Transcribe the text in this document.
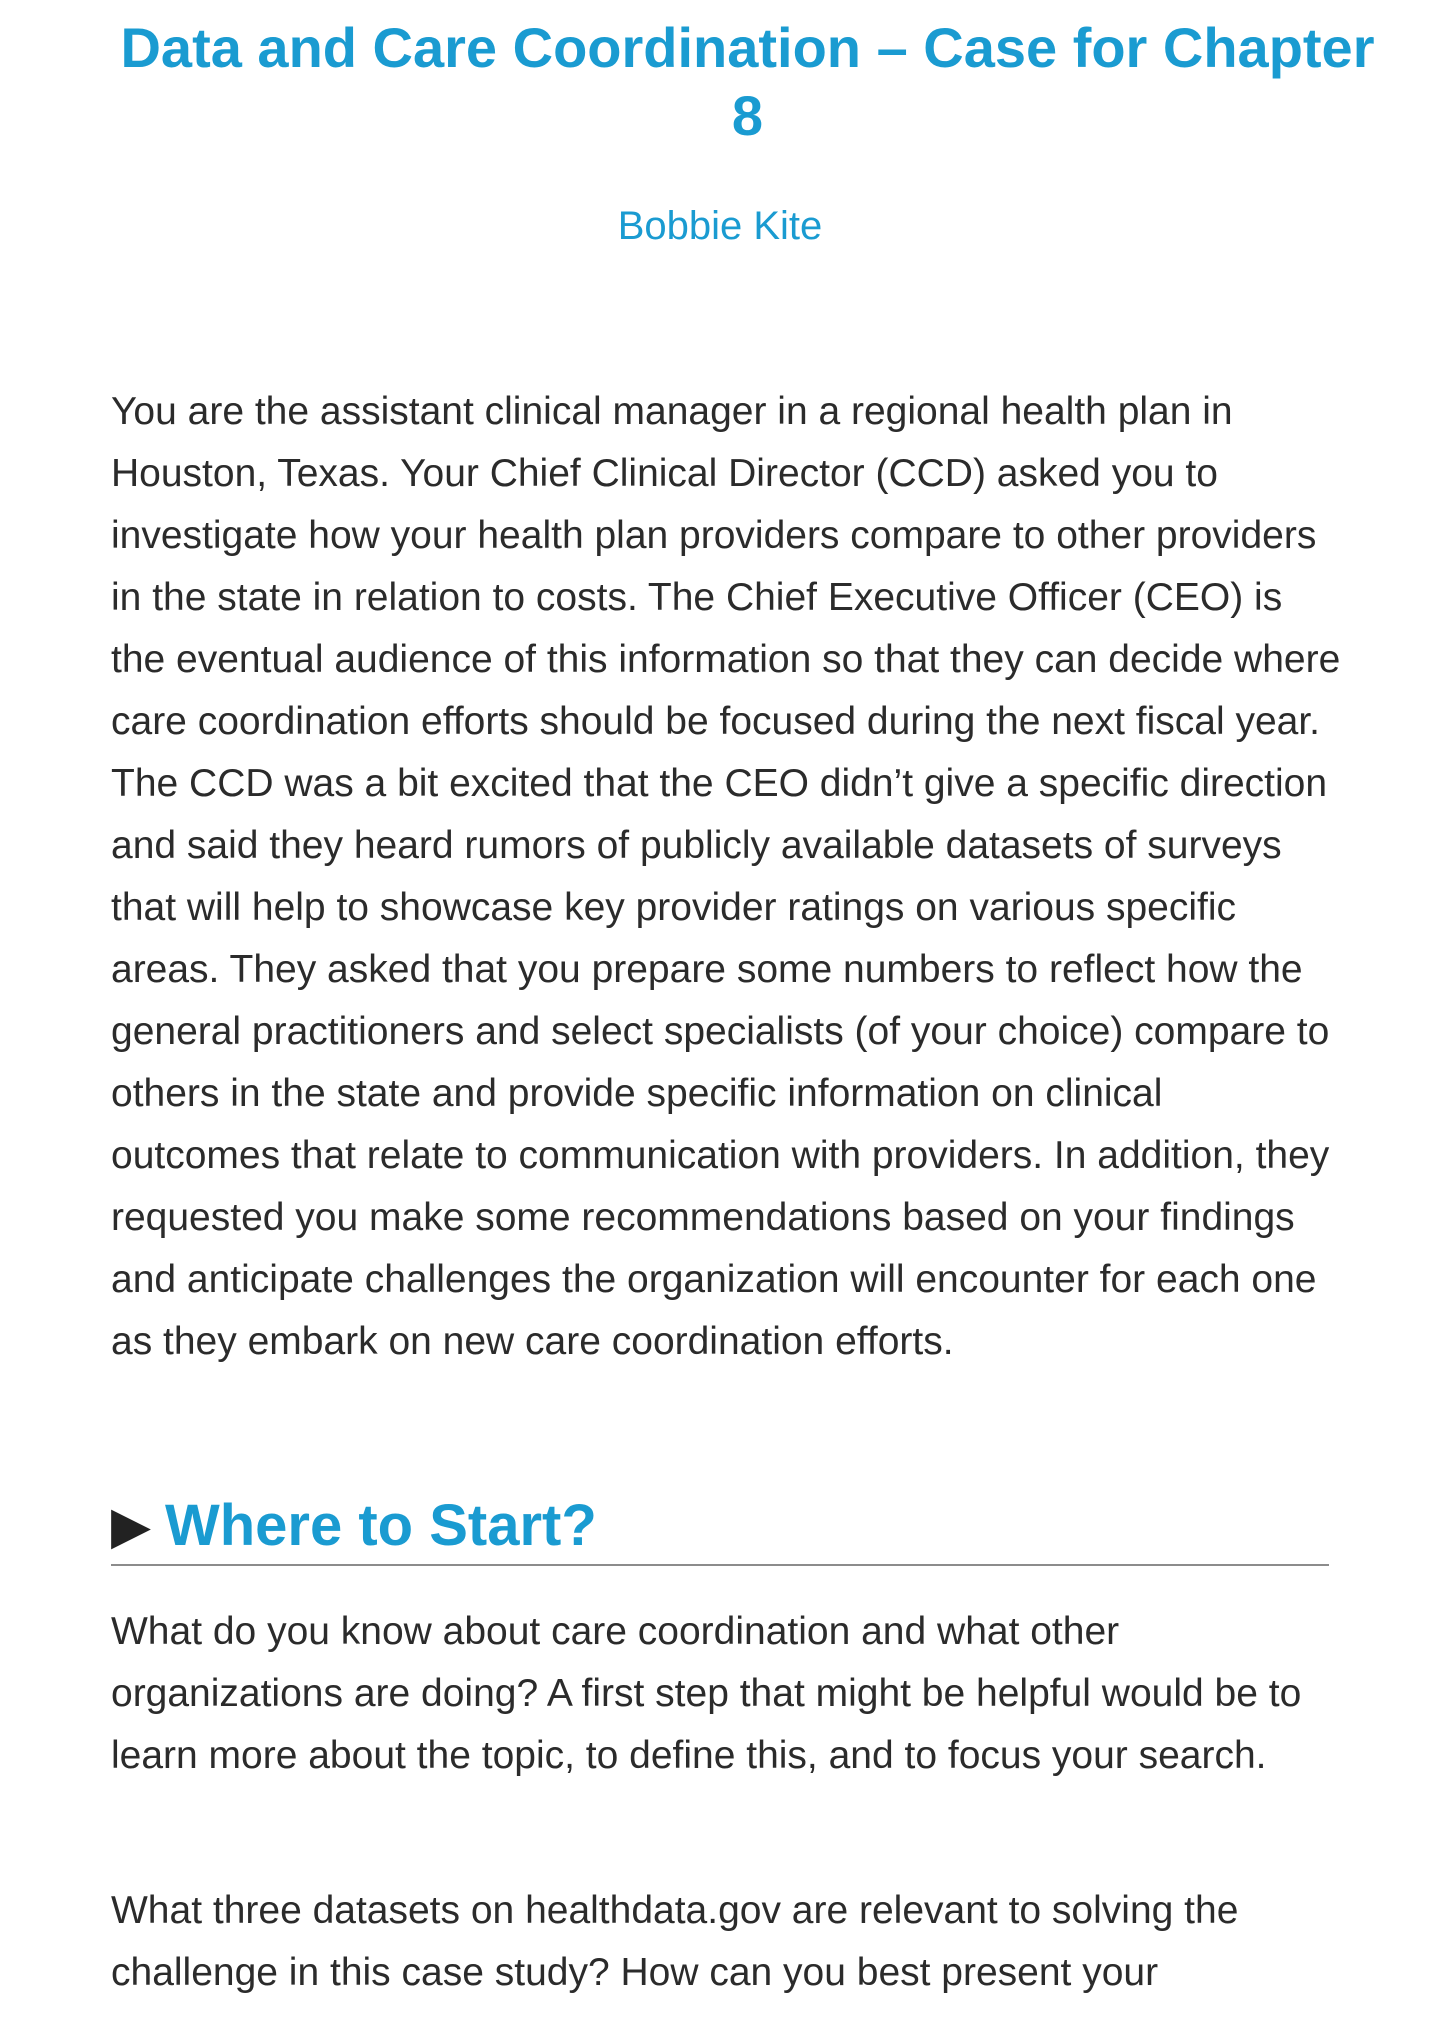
Data and Care Coordination – Case for Chapter 8

Bobbie Kite

You are the assistant clinical manager in a regional health plan in Houston, Texas. Your Chief Clinical Director (CCD) asked you to investigate how your health plan providers compare to other providers in the state in relation to costs. The Chief Executive Officer (CEO) is the eventual audience of this information so that they can decide where care coordination efforts should be focused during the next fiscal year. The CCD was a bit excited that the CEO didn’t give a specific direction and said they heard rumors of publicly available datasets of surveys that will help to showcase key provider ratings on various specific areas. They asked that you prepare some numbers to reflect how the general practitioners and select specialists (of your choice) compare to others in the state and provide specific information on clinical outcomes that relate to communication with providers. In addition, they requested you make some recommendations based on your findings and anticipate challenges the organization will encounter for each one as they embark on new care coordination efforts.

▶ Where to Start?

What do you know about care coordination and what other organizations are doing? A first step that might be helpful would be to learn more about the topic, to define this, and to focus your search.

What three datasets on healthdata.gov are relevant to solving the challenge in this case study? How can you best present your
